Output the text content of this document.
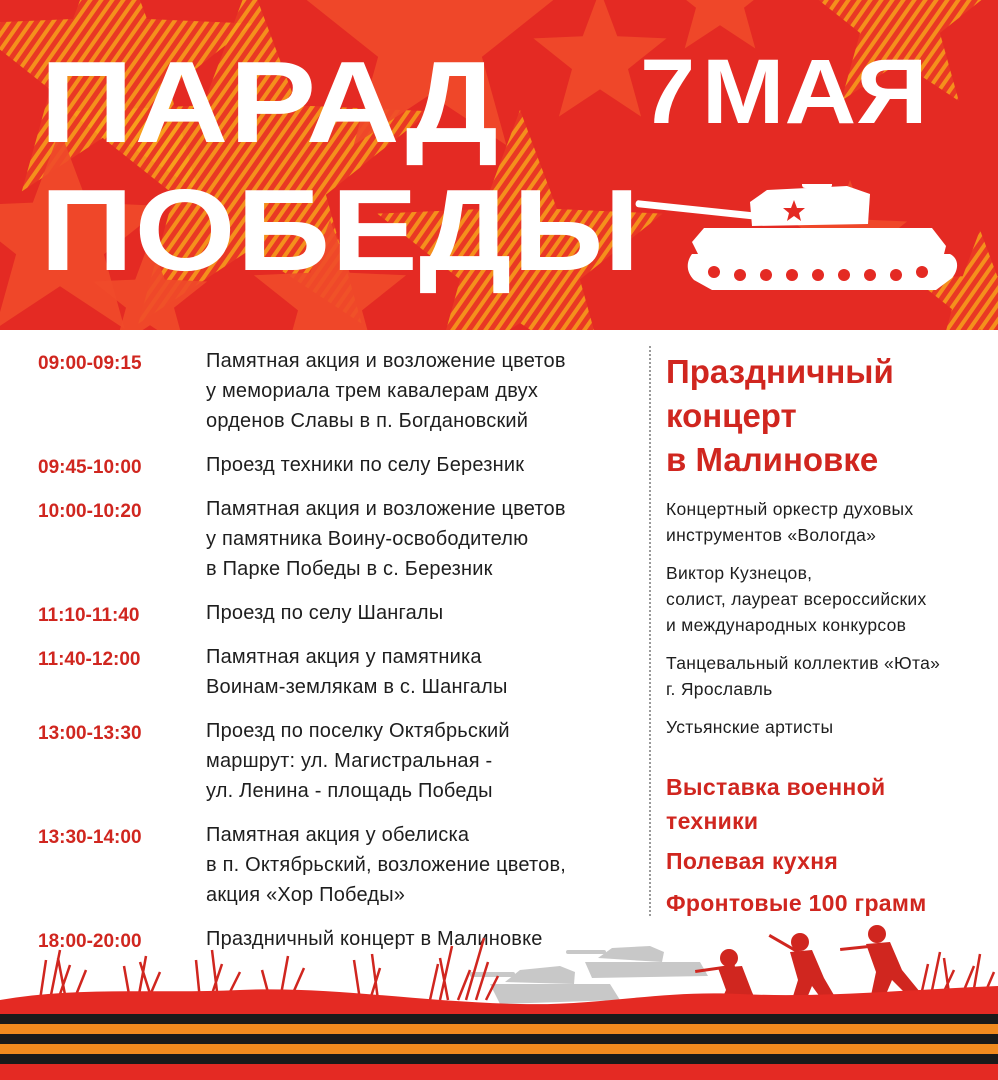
ПАРАД
ПОБЕДЫ
7МАЯ
09:00-09:15	Памятная акция и возложение цветов
у мемориала трем кавалерам двух
орденов Славы в п. Богдановский
09:45-10:00	Проезд техники по селу Березник
10:00-10:20	Памятная акция и возложение цветов
у памятника Воину-освободителю
в Парке Победы в с. Березник
11:10-11:40	Проезд по селу Шангалы
11:40-12:00	Памятная акция у памятника
Воинам-землякам в с. Шангалы
13:00-13:30	Проезд по поселку Октябрьский
маршрут: ул. Магистральная -
ул. Ленина - площадь Победы
13:30-14:00	Памятная акция у обелиска
в п. Октябрьский, возложение цветов,
акция «Хор Победы»
18:00-20:00	Праздничный концерт в Малиновке
Праздничный
концерт
в Малиновке
Концертный оркестр духовых
инструментов «Вологда»
Виктор Кузнецов,
солист, лауреат всероссийских
и международных конкурсов
Танцевальный коллектив «Юта»
г. Ярославль
Устьянские артисты
Выставка военной
техники
Полевая кухня
Фронтовые 100 грамм
